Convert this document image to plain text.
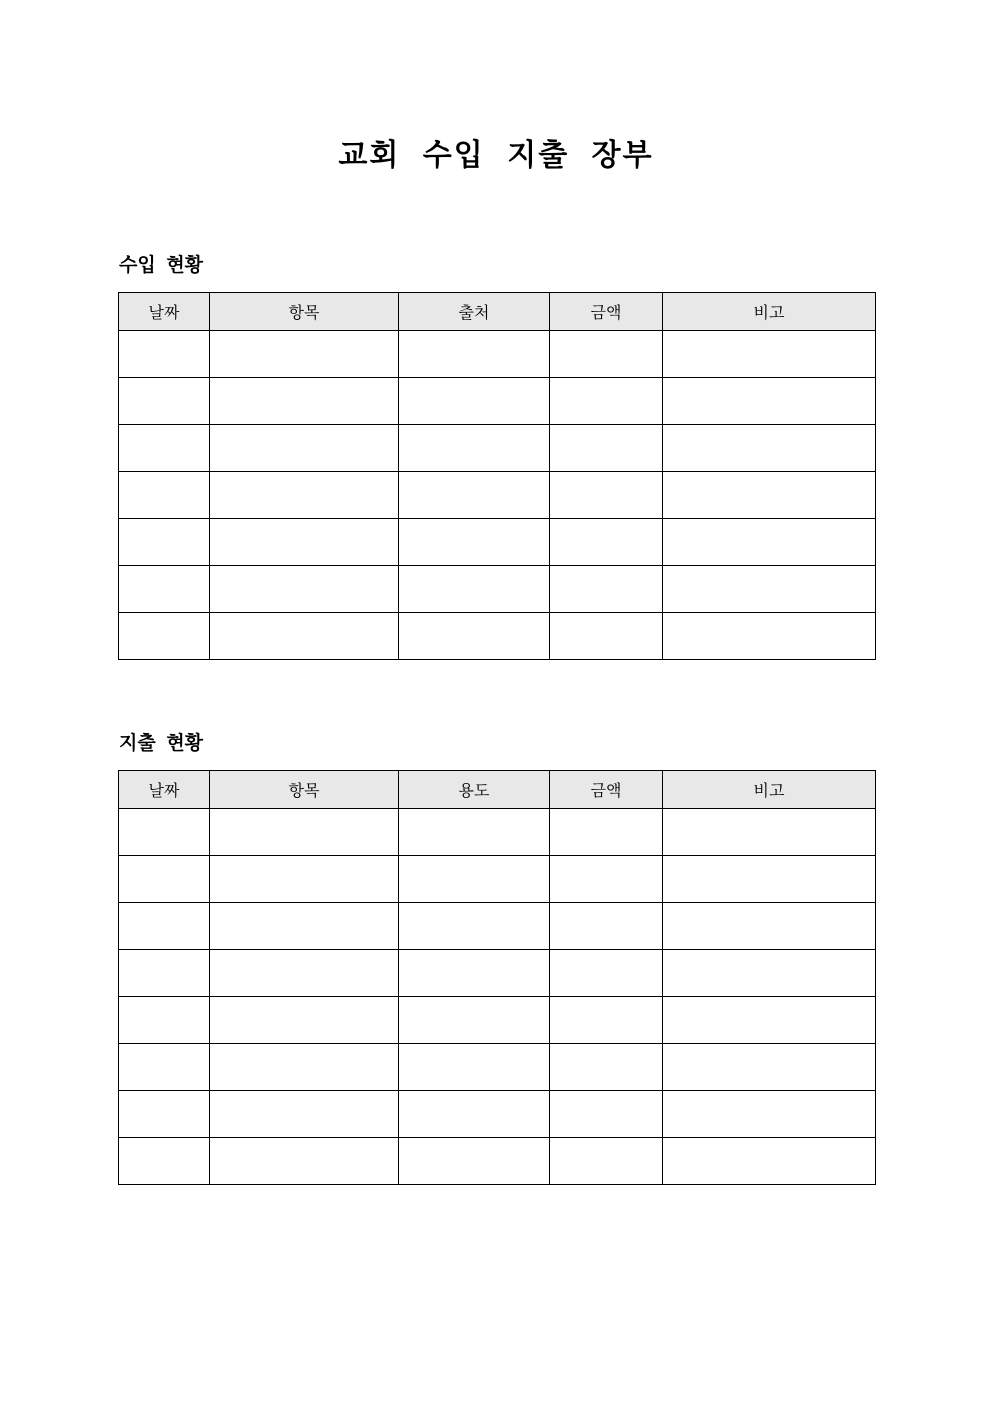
교회 수입 지출 장부
수입 현황
날짜	항목	출처	금액	비고

지출 현황
날짜	항목	용도	금액	비고
